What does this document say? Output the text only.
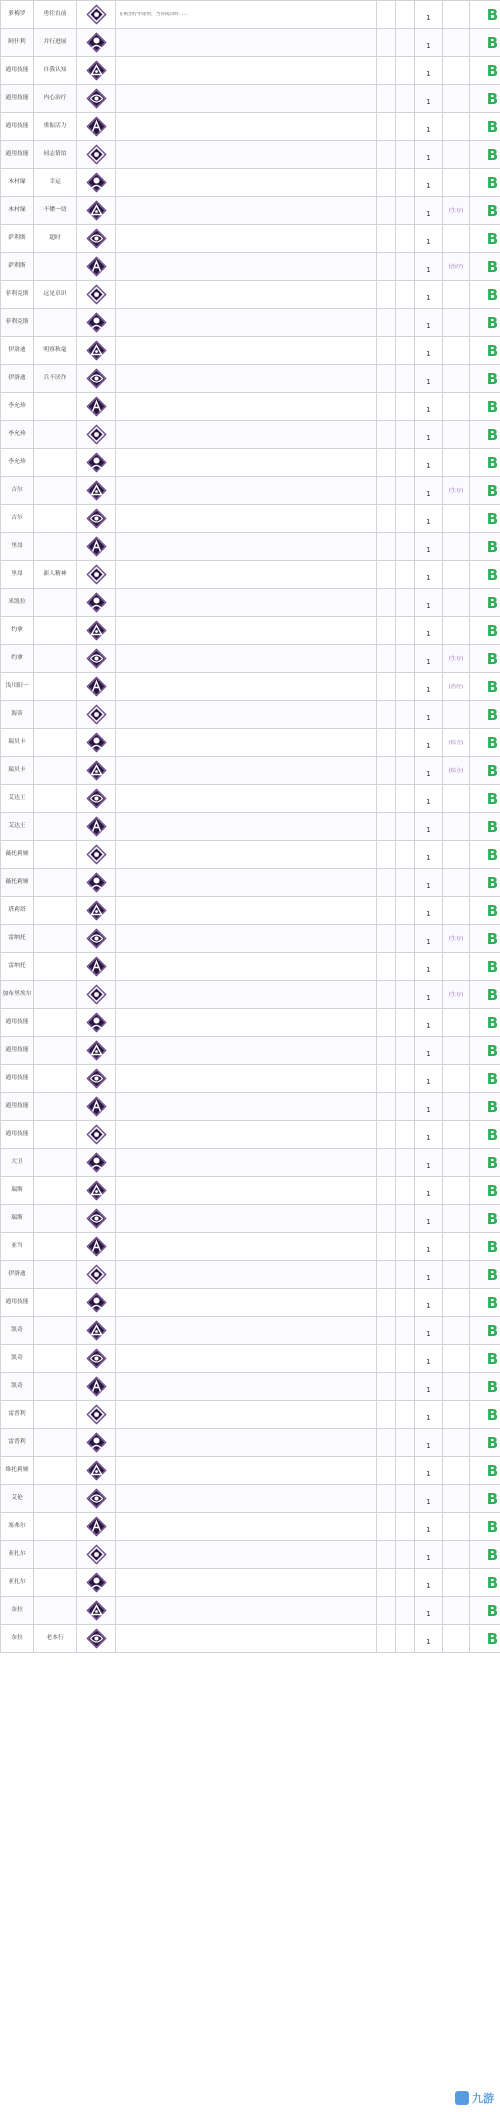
萝梅罗	勇往直前		在被治疗中途时，当你成功时……			1		B

阿什利	并行进展					1		B

通用技能	自我认知					1		B

通用技能	内心治疗					1		B

通用技能	重振活力					1		B

通用技能	同志情谊					1		B

木村缘	幸运					1		B

木村缘	不懂一切					1	(生存)	B

萨利斯	超时					1		B

萨利斯						1	(治疗)	B

菲利克斯	远见卓识					1		B

菲利克斯						1		B

伊洛迪	明察秋毫					1		B

伊洛迪	兵不厌诈					1		B

李允珍						1		B

李允珍						1		B

李允珍						1		B

吉尔						1	(生存)	B

吉尔						1		B

里昂						1		B

里昂	新人精神					1		B

米凯拉						1		B

约拿						1		B

约拿						1	(生存)	B

浅川阳一						1	(治疗)	B

海蒂						1		B

瑞贝卡						1	(综合)	B

瑞贝卡						1	(综合)	B

艾达王						1		B

艾达王						1		B

薇托莉娅						1		B

薇托莉娅						1		B

塔莉塔						1		B

雷纳托						1	(生存)	B

雷纳托						1		B

加布里埃尔						1	(生存)	B

通用技能						1		B

通用技能						1		B

通用技能						1		B

通用技能						1		B

通用技能						1		B

大卫						1		B

瑞斯						1		B

瑞斯						1		B

亚当						1		B

伊洛迪						1		B

通用技能						1		B

凯奇						1		B

凯奇						1		B

凯奇						1		B

雷普利						1		B

雷普利						1		B

维托莉娅						1		B

艾伦						1		B

塞弗尔						1		B

亚扎尔						1		B

亚扎尔						1		B

奈拉						1		B

奈拉	老本行					1		B
九游
